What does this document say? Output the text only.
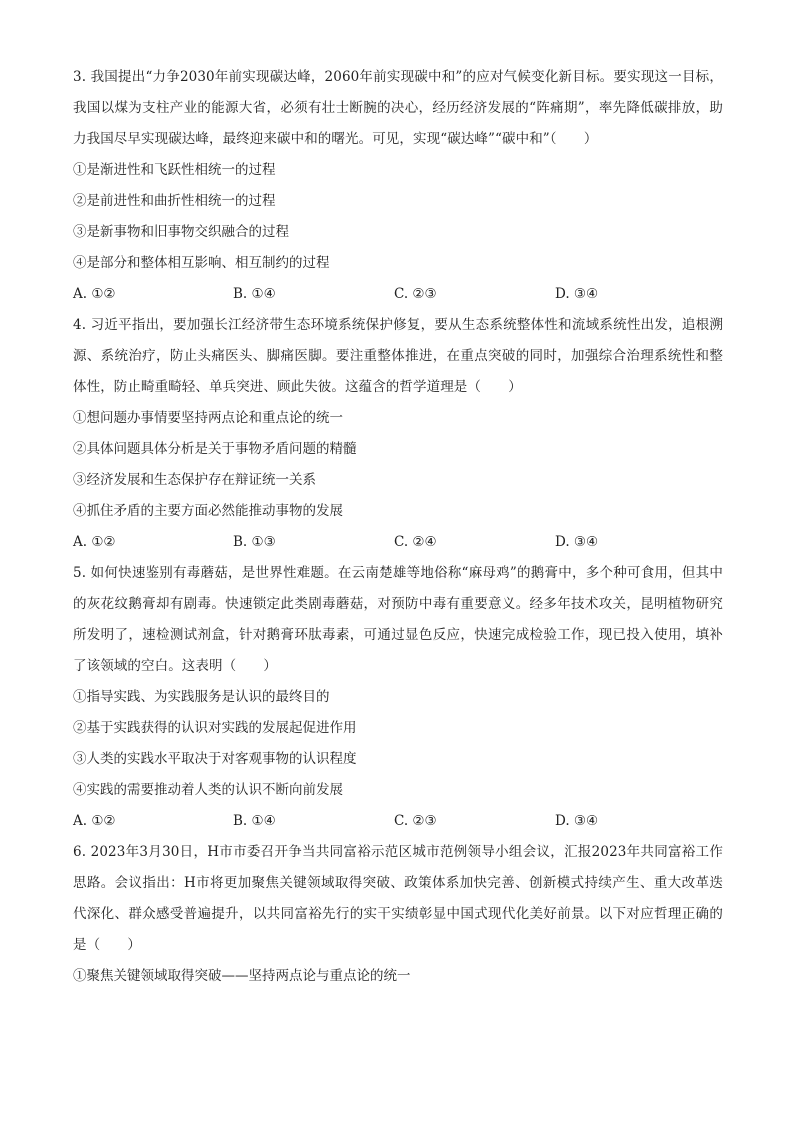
3. 我国提出“力争2030年前实现碳达峰，2060年前实现碳中和”的应对气候变化新目标。要实现这一目标，我国以煤为支柱产业的能源大省，必须有壮士断腕的决心，经历经济发展的“阵痛期”，率先降低碳排放，助力我国尽早实现碳达峰，最终迎来碳中和的曙光。可见，实现“碳达峰”“碳中和”（　　）

①是渐进性和飞跃性相统一的过程

②是前进性和曲折性相统一的过程

③是新事物和旧事物交织融合的过程

④是部分和整体相互影响、相互制约的过程

A. ①②	B. ①④	C. ②③	D. ③④

4. 习近平指出，要加强长江经济带生态环境系统保护修复，要从生态系统整体性和流域系统性出发，追根溯源、系统治疗，防止头痛医头、脚痛医脚。要注重整体推进，在重点突破的同时，加强综合治理系统性和整体性，防止畸重畸轻、单兵突进、顾此失彼。这蕴含的哲学道理是（　　）

①想问题办事情要坚持两点论和重点论的统一

②具体问题具体分析是关于事物矛盾问题的精髓

③经济发展和生态保护存在辩证统一关系

④抓住矛盾的主要方面必然能推动事物的发展

A. ①②	B. ①③	C. ②④	D. ③④

5. 如何快速鉴别有毒蘑菇，是世界性难题。在云南楚雄等地俗称“麻母鸡”的鹅膏中，多个种可食用，但其中的灰花纹鹅膏却有剧毒。快速锁定此类剧毒蘑菇，对预防中毒有重要意义。经多年技术攻关，昆明植物研究所发明了，速检测试剂盒，针对鹅膏环肽毒素，可通过显色反应，快速完成检验工作，现已投入使用，填补了该领域的空白。这表明（　　）

①指导实践、为实践服务是认识的最终目的

②基于实践获得的认识对实践的发展起促进作用

③人类的实践水平取决于对客观事物的认识程度

④实践的需要推动着人类的认识不断向前发展

A. ①②	B. ①④	C. ②③	D. ③④

6. 2023年3月30日，H市市委召开争当共同富裕示范区城市范例领导小组会议，汇报2023年共同富裕工作思路。会议指出：H市将更加聚焦关键领域取得突破、政策体系加快完善、创新模式持续产生、重大改革迭代深化、群众感受普遍提升，以共同富裕先行的实干实绩彰显中国式现代化美好前景。以下对应哲理正确的是（　　）

①聚焦关键领域取得突破——坚持两点论与重点论的统一
